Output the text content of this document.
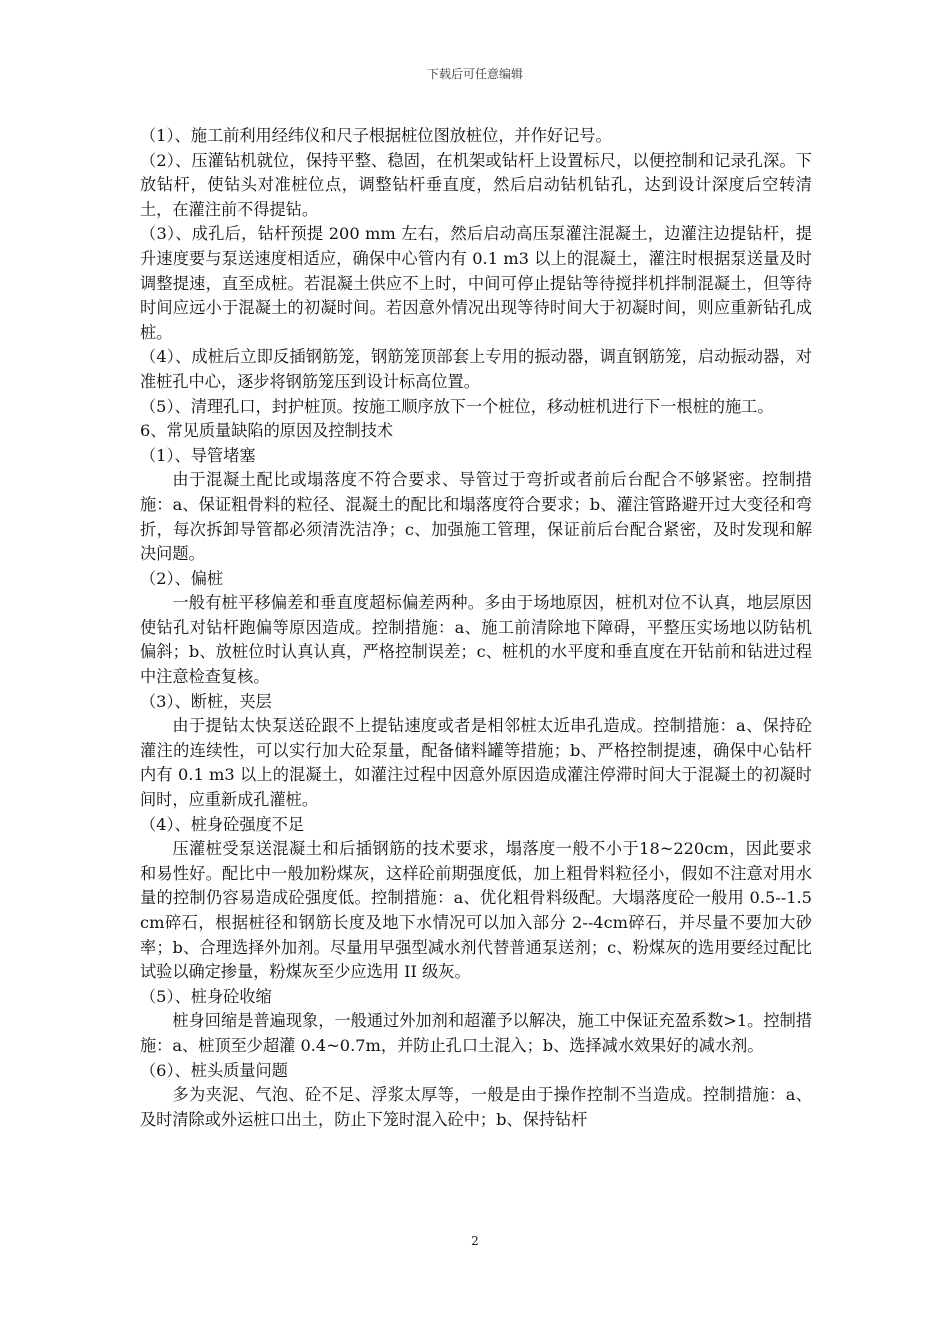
下载后可任意编辑

（1）、施工前利用经纬仪和尺子根据桩位图放桩位，并作好记号。

（2）、压灌钻机就位，保持平整、稳固，在机架或钻杆上设置标尺，以便控制和记录孔深。下放钻杆，使钻头对准桩位点，调整钻杆垂直度，然后启动钻机钻孔，达到设计深度后空转清土，在灌注前不得提钻。

（3）、成孔后，钻杆预提 200 mm 左右，然后启动高压泵灌注混凝土，边灌注边提钻杆，提升速度要与泵送速度相适应，确保中心管内有 0.1 m3 以上的混凝土，灌注时根据泵送量及时调整提速，直至成桩。若混凝土供应不上时，中间可停止提钻等待搅拌机拌制混凝土，但等待时间应远小于混凝土的初凝时间。若因意外情况出现等待时间大于初凝时间，则应重新钻孔成桩。

（4）、成桩后立即反插钢筋笼，钢筋笼顶部套上专用的振动器，调直钢筋笼，启动振动器，对准桩孔中心，逐步将钢筋笼压到设计标高位置。

（5）、清理孔口，封护桩顶。按施工顺序放下一个桩位，移动桩机进行下一根桩的施工。

6、常见质量缺陷的原因及控制技术

（1）、导管堵塞

由于混凝土配比或塌落度不符合要求、导管过于弯折或者前后台配合不够紧密。控制措施：a、保证粗骨料的粒径、混凝土的配比和塌落度符合要求；b、灌注管路避开过大变径和弯折，每次拆卸导管都必须清洗洁净；c、加强施工管理，保证前后台配合紧密，及时发现和解决问题。

（2）、偏桩

一般有桩平移偏差和垂直度超标偏差两种。多由于场地原因，桩机对位不认真，地层原因使钻孔对钻杆跑偏等原因造成。控制措施：a、施工前清除地下障碍，平整压实场地以防钻机偏斜；b、放桩位时认真认真，严格控制误差；c、桩机的水平度和垂直度在开钻前和钻进过程中注意检查复核。

（3）、断桩，夹层

由于提钻太快泵送砼跟不上提钻速度或者是相邻桩太近串孔造成。控制措施：a、保持砼灌注的连续性，可以实行加大砼泵量，配备储料罐等措施；b、严格控制提速，确保中心钻杆内有 0.1 m3 以上的混凝土，如灌注过程中因意外原因造成灌注停滞时间大于混凝土的初凝时间时，应重新成孔灌桩。

（4）、桩身砼强度不足

压灌桩受泵送混凝土和后插钢筋的技术要求，塌落度一般不小于18~220cm，因此要求和易性好。配比中一般加粉煤灰，这样砼前期强度低，加上粗骨料粒径小，假如不注意对用水量的控制仍容易造成砼强度低。控制措施：a、优化粗骨料级配。大塌落度砼一般用 0.5--1.5 cm碎石，根据桩径和钢筋长度及地下水情况可以加入部分 2--4cm碎石，并尽量不要加大砂率；b、合理选择外加剂。尽量用早强型减水剂代替普通泵送剂；c、粉煤灰的选用要经过配比试验以确定掺量，粉煤灰至少应选用 II 级灰。

（5）、桩身砼收缩

桩身回缩是普遍现象，一般通过外加剂和超灌予以解决，施工中保证充盈系数>1。控制措施：a、桩顶至少超灌 0.4~0.7m，并防止孔口土混入；b、选择减水效果好的减水剂。

（6）、桩头质量问题

多为夹泥、气泡、砼不足、浮浆太厚等，一般是由于操作控制不当造成。控制措施：a、及时清除或外运桩口出土，防止下笼时混入砼中；b、保持钻杆

2
